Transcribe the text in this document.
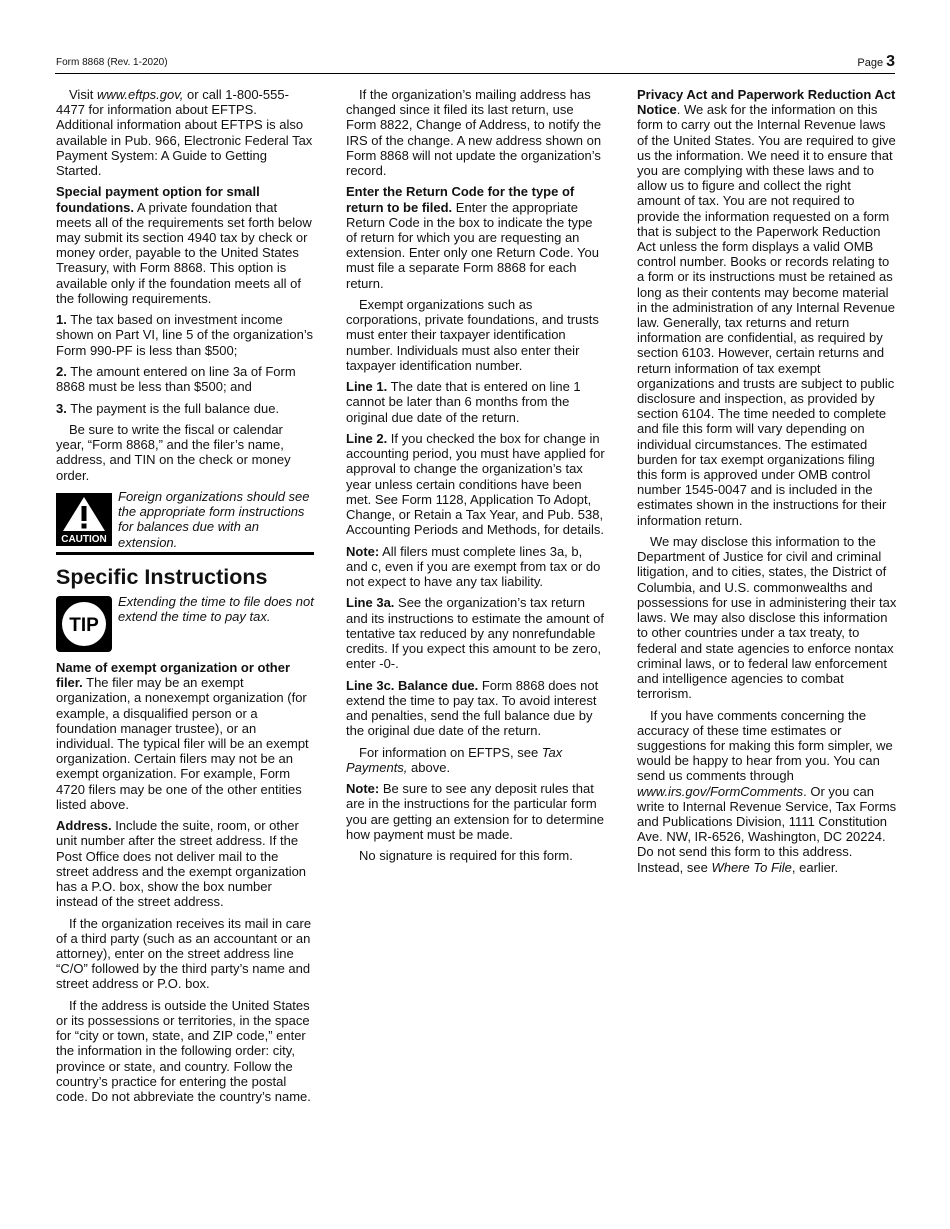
Form 8868 (Rev. 1-2020)	Page 3

Visit www.eftps.gov, or call 1-800-555-4477 for information about EFTPS. Additional information about EFTPS is also available in Pub. 966, Electronic Federal Tax Payment System: A Guide to Getting Started.

Special payment option for small foundations. A private foundation that meets all of the requirements set forth below may submit its section 4940 tax by check or money order, payable to the United States Treasury, with Form 8868. This option is available only if the foundation meets all of the following requirements.

1. The tax based on investment income shown on Part VI, line 5 of the organization’s Form 990-PF is less than $500;

2. The amount entered on line 3a of Form 8868 must be less than $500; and

3. The payment is the full balance due.

Be sure to write the fiscal or calendar year, “Form 8868,” and the filer’s name, address, and TIN on the check or money order.

CAUTION
Foreign organizations should see the appropriate form instructions for balances due with an extension.
Specific Instructions
TIP
Extending the time to file does not extend the time to pay tax.

Name of exempt organization or other filer. The filer may be an exempt organization, a nonexempt organization (for example, a disqualified person or a foundation manager trustee), or an individual. The typical filer will be an exempt organization. Certain filers may not be an exempt organization. For example, Form 4720 filers may be one of the other entities listed above.

Address. Include the suite, room, or other unit number after the street address. If the Post Office does not deliver mail to the street address and the exempt organization has a P.O. box, show the box number instead of the street address.

If the organization receives its mail in care of a third party (such as an accountant or an attorney), enter on the street address line “C/O” followed by the third party’s name and street address or P.O. box.

If the address is outside the United States or its possessions or territories, in the space for “city or town, state, and ZIP code,” enter the information in the following order: city, province or state, and country. Follow the country’s practice for entering the postal code. Do not abbreviate the country’s name.

If the organization’s mailing address has changed since it filed its last return, use Form 8822, Change of Address, to notify the IRS of the change. A new address shown on Form 8868 will not update the organization’s record.

Enter the Return Code for the type of return to be filed. Enter the appropriate Return Code in the box to indicate the type of return for which you are requesting an extension. Enter only one Return Code. You must file a separate Form 8868 for each return.

Exempt organizations such as corporations, private foundations, and trusts must enter their taxpayer identification number. Individuals must also enter their taxpayer identification number.

Line 1. The date that is entered on line 1 cannot be later than 6 months from the original due date of the return.

Line 2. If you checked the box for change in accounting period, you must have applied for approval to change the organization’s tax year unless certain conditions have been met. See Form 1128, Application To Adopt, Change, or Retain a Tax Year, and Pub. 538, Accounting Periods and Methods, for details.

Note: All filers must complete lines 3a, b, and c, even if you are exempt from tax or do not expect to have any tax liability.

Line 3a. See the organization’s tax return and its instructions to estimate the amount of tentative tax reduced by any nonrefundable credits. If you expect this amount to be zero, enter -0-.

Line 3c. Balance due. Form 8868 does not extend the time to pay tax. To avoid interest and penalties, send the full balance due by the original due date of the return.

For information on EFTPS, see Tax Payments, above.

Note: Be sure to see any deposit rules that are in the instructions for the particular form you are getting an extension for to determine how payment must be made.

No signature is required for this form.

Privacy Act and Paperwork Reduction Act Notice. We ask for the information on this form to carry out the Internal Revenue laws of the United States. You are required to give us the information. We need it to ensure that you are complying with these laws and to allow us to figure and collect the right amount of tax. You are not required to provide the information requested on a form that is subject to the Paperwork Reduction Act unless the form displays a valid OMB control number. Books or records relating to a form or its instructions must be retained as long as their contents may become material in the administration of any Internal Revenue law. Generally, tax returns and return information are confidential, as required by section 6103. However, certain returns and return information of tax exempt organizations and trusts are subject to public disclosure and inspection, as provided by section 6104. The time needed to complete and file this form will vary depending on individual circumstances. The estimated burden for tax exempt organizations filing this form is approved under OMB control number 1545-0047 and is included in the estimates shown in the instructions for their information return.

We may disclose this information to the Department of Justice for civil and criminal litigation, and to cities, states, the District of Columbia, and U.S. commonwealths and possessions for use in administering their tax laws. We may also disclose this information to other countries under a tax treaty, to federal and state agencies to enforce nontax criminal laws, or to federal law enforcement and intelligence agencies to combat terrorism.

If you have comments concerning the accuracy of these time estimates or suggestions for making this form simpler, we would be happy to hear from you. You can send us comments through www.irs.gov/FormComments. Or you can write to Internal Revenue Service, Tax Forms and Publications Division, 1111 Constitution Ave. NW, IR-6526, Washington, DC 20224. Do not send this form to this address. Instead, see Where To File, earlier.
